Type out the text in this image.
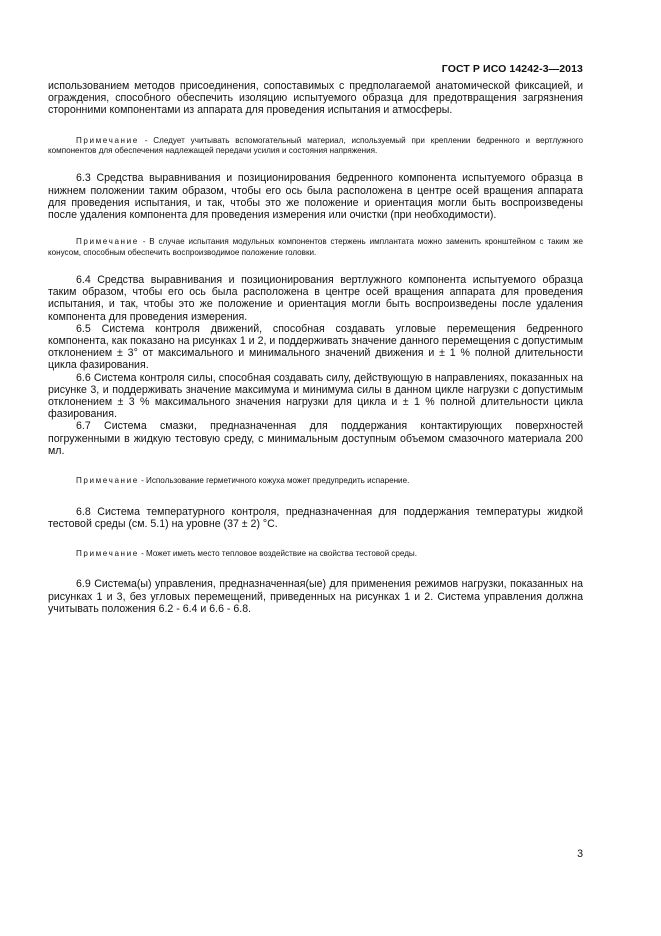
ГОСТ Р ИСО 14242-3—2013

использованием методов присоединения, сопоставимых с предполагаемой анатомической фиксацией, и ограждения, способного обеспечить изоляцию испытуемого образца для предотвращения загрязнения сторонними компонентами из аппарата для проведения испытания и атмосферы.

Примечание - Следует учитывать вспомогательный материал, используемый при креплении бедренного и вертлужного компонентов для обеспечения надлежащей передачи усилия и состояния напряжения.

6.3 Средства выравнивания и позиционирования бедренного компонента испытуемого образца в нижнем положении таким образом, чтобы его ось была расположена в центре осей вращения аппарата для проведения испытания, и так, чтобы это же положение и ориентация могли быть воспроизведены после удаления компонента для проведения измерения или очистки (при необходимости).

Примечание - В случае испытания модульных компонентов стержень имплантата можно заменить кронштейном с таким же конусом, способным обеспечить воспроизводимое положение головки.

6.4 Средства выравнивания и позиционирования вертлужного компонента испытуемого образца таким образом, чтобы его ось была расположена в центре осей вращения аппарата для проведения испытания, и так, чтобы это же положение и ориентация могли быть воспроизведены после удаления компонента для проведения измерения.

6.5 Система контроля движений, способная создавать угловые перемещения бедренного компонента, как показано на рисунках 1 и 2, и поддерживать значение данного перемещения с допустимым отклонением ± 3° от максимального и минимального значений движения и ± 1 % полной длительности цикла фазирования.

6.6 Система контроля силы, способная создавать силу, действующую в направлениях, показанных на рисунке 3, и поддерживать значение максимума и минимума силы в данном цикле нагрузки с допустимым отклонением ± 3 % максимального значения нагрузки для цикла и ± 1 % полной длительности цикла фазирования.

6.7 Система смазки, предназначенная для поддержания контактирующих поверхностей погруженными в жидкую тестовую среду, с минимальным доступным объемом смазочного материала 200 мл.

Примечание - Использование герметичного кожуха может предупредить испарение.

6.8 Система температурного контроля, предназначенная для поддержания температуры жидкой тестовой среды (см. 5.1) на уровне (37 ± 2) °С.

Примечание - Может иметь место тепловое воздействие на свойства тестовой среды.

6.9 Система(ы) управления, предназначенная(ые) для применения режимов нагрузки, показанных на рисунках 1 и 3, без угловых перемещений, приведенных на рисунках 1 и 2. Система управления должна учитывать положения 6.2 - 6.4 и 6.6 - 6.8.

3
